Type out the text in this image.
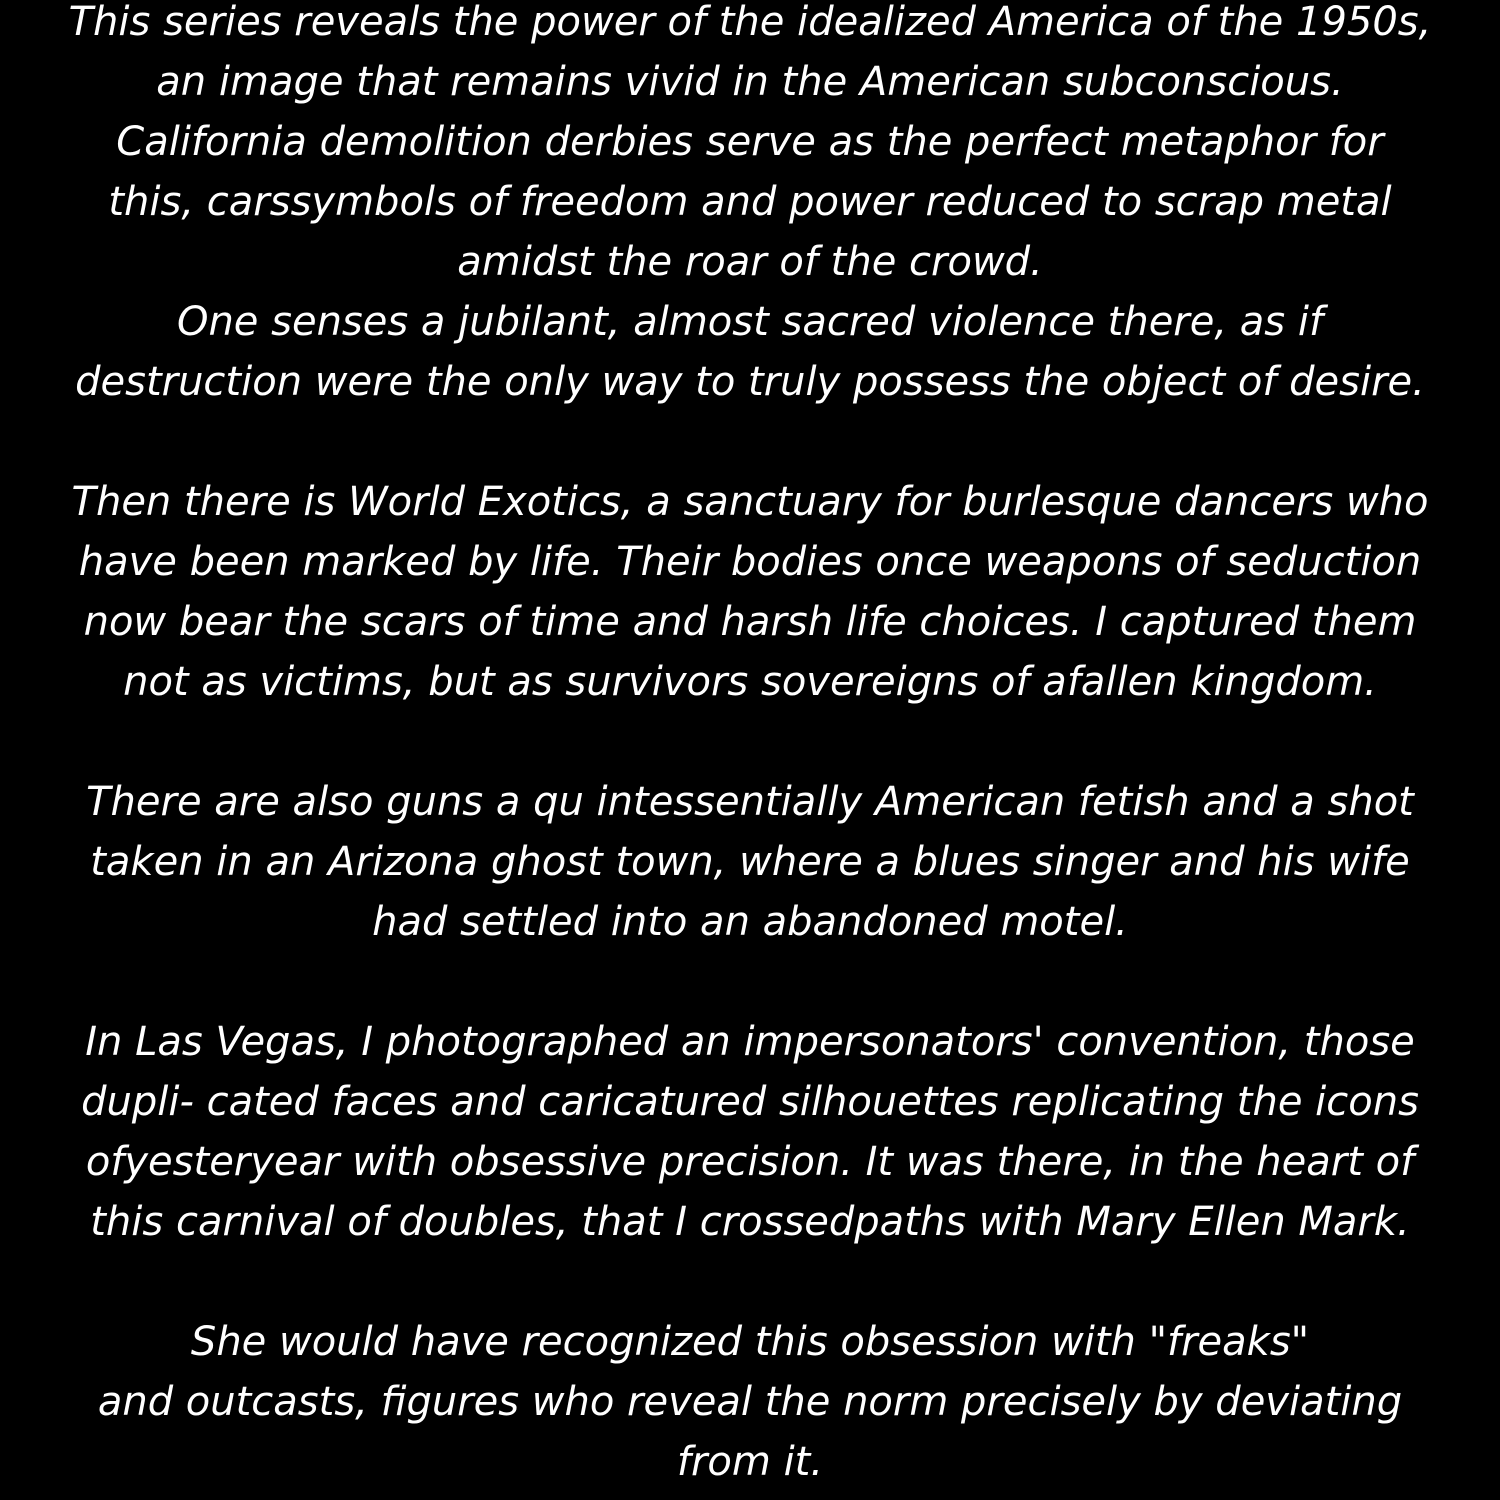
This series reveals the power of the idealized America of the 1950s,
an image that remains vivid in the American subconscious.
California demolition derbies serve as the perfect metaphor for
this, carssymbols of freedom and power reduced to scrap metal
amidst the roar of the crowd.
One senses a jubilant, almost sacred violence there, as if
destruction were the only way to truly possess the object of desire.
Then there is World Exotics, a sanctuary for burlesque dancers who
have been marked by life. Their bodies once weapons of seduction
now bear the scars of time and harsh life choices. I captured them
not as victims, but as survivors sovereigns of afallen kingdom.
There are also guns a qu intessentially American fetish and a shot
taken in an Arizona ghost town, where a blues singer and his wife
had settled into an abandoned motel.
In Las Vegas, I photographed an impersonators' convention, those
dupli- cated faces and caricatured silhouettes replicating the icons
ofyesteryear with obsessive precision. It was there, in the heart of
this carnival of doubles, that I crossedpaths with Mary Ellen Mark.
She would have recognized this obsession with "freaks"
and outcasts, figures who reveal the norm precisely by deviating
from it.
